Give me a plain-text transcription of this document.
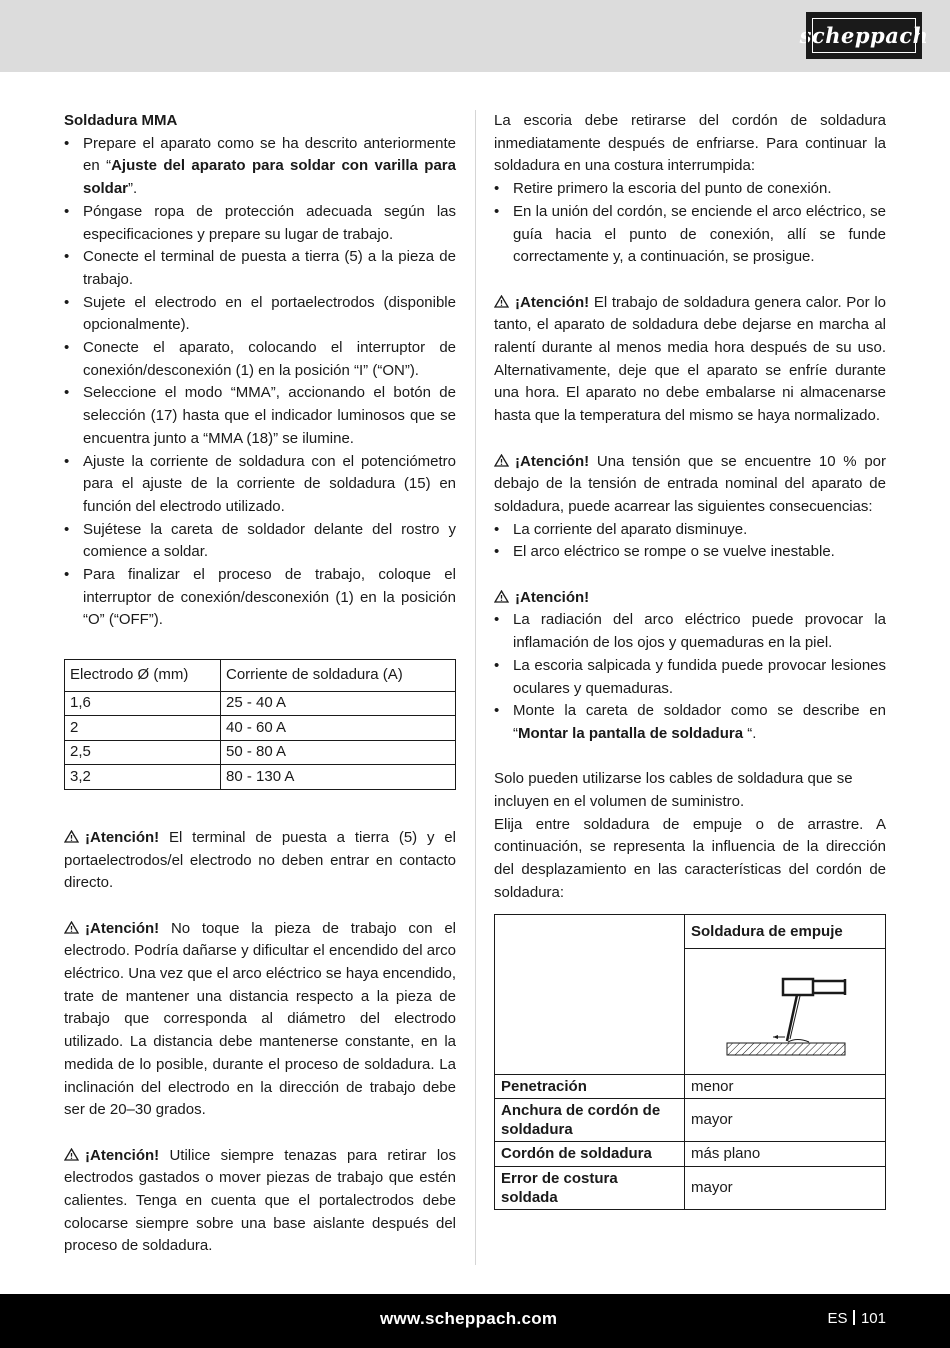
scheppach

Soldadura MMA

• Prepare el aparato como se ha descrito anteriormente en “Ajuste del aparato para soldar con varilla para soldar”.
• Póngase ropa de protección adecuada según las especificaciones y prepare su lugar de trabajo.
• Conecte el terminal de puesta a tierra (5) a la pieza de trabajo.
• Sujete el electrodo en el portaelectrodos (disponible opcionalmente).
• Conecte el aparato, colocando el interruptor de conexión/desconexión (1) en la posición “I” (“ON”).
• Seleccione el modo “MMA”, accionando el botón de selección (17) hasta que el indicador luminosos que se encuentra junto a “MMA (18)” se ilumine.
• Ajuste la corriente de soldadura con el potenciómetro para el ajuste de la corriente de soldadura (15) en función del electrodo utilizado.
• Sujétese la careta de soldador delante del rostro y comience a soldar.
• Para finalizar el proceso de trabajo, coloque el interruptor de conexión/desconexión (1) en la posición “O” (“OFF”).
Electrodo Ø (mm)	Corriente de soldadura (A)
1,6	25 - 40 A
2	40 - 60 A
2,5	50 - 80 A
3,2	80 - 130 A

¡Atención! El terminal de puesta a tierra (5) y el portaelectrodos/el electrodo no deben entrar en contacto directo.

¡Atención! No toque la pieza de trabajo con el electrodo. Podría dañarse y dificultar el encendido del arco eléctrico. Una vez que el arco eléctrico se haya encendido, trate de mantener una distancia respecto a la pieza de trabajo que corresponda al diámetro del electrodo utilizado. La distancia debe mantenerse constante, en la medida de lo posible, durante el proceso de soldadura. La inclinación del electrodo en la dirección de trabajo debe ser de 20–30 grados.

¡Atención! Utilice siempre tenazas para retirar los electrodos gastados o mover piezas de trabajo que estén calientes. Tenga en cuenta que el portalectrodos debe colocarse siempre sobre una base aislante después del proceso de soldadura.

La escoria debe retirarse del cordón de soldadura inmediatamente después de enfriarse. Para continuar la soldadura en una costura interrumpida:

• Retire primero la escoria del punto de conexión.
• En la unión del cordón, se enciende el arco eléctrico, se guía hacia el punto de conexión, allí se funde correctamente y, a continuación, se prosigue.

¡Atención! El trabajo de soldadura genera calor. Por lo tanto, el aparato de soldadura debe dejarse en marcha al ralentí durante al menos media hora después de su uso. Alternativamente, deje que el aparato se enfríe durante una hora. El aparato no debe embalarse ni almacenarse hasta que la temperatura del mismo se haya normalizado.

¡Atención! Una tensión que se encuentre 10 % por debajo de la tensión de entrada nominal del aparato de soldadura, puede acarrear las siguientes consecuencias:

• La corriente del aparato disminuye.
• El arco eléctrico se rompe o se vuelve inestable.

¡Atención!

• La radiación del arco eléctrico puede provocar la inflamación de los ojos y quemaduras en la piel.
• La escoria salpicada y fundida puede provocar lesiones oculares y quemaduras.
• Monte la careta de soldador como se describe en “Montar la pantalla de soldadura “.

Solo pueden utilizarse los cables de soldadura que se incluyen en el volumen de suministro.

Elija entre soldadura de empuje o de arrastre. A continuación, se representa la influencia de la dirección del desplazamiento en las características del cordón de soldadura:

	Soldadura de empuje

Penetración	menor
Anchura de cordón de soldadura	mayor
Cordón de soldadura	más plano
Error de costura soldada	mayor
www.scheppach.com	ES 101
